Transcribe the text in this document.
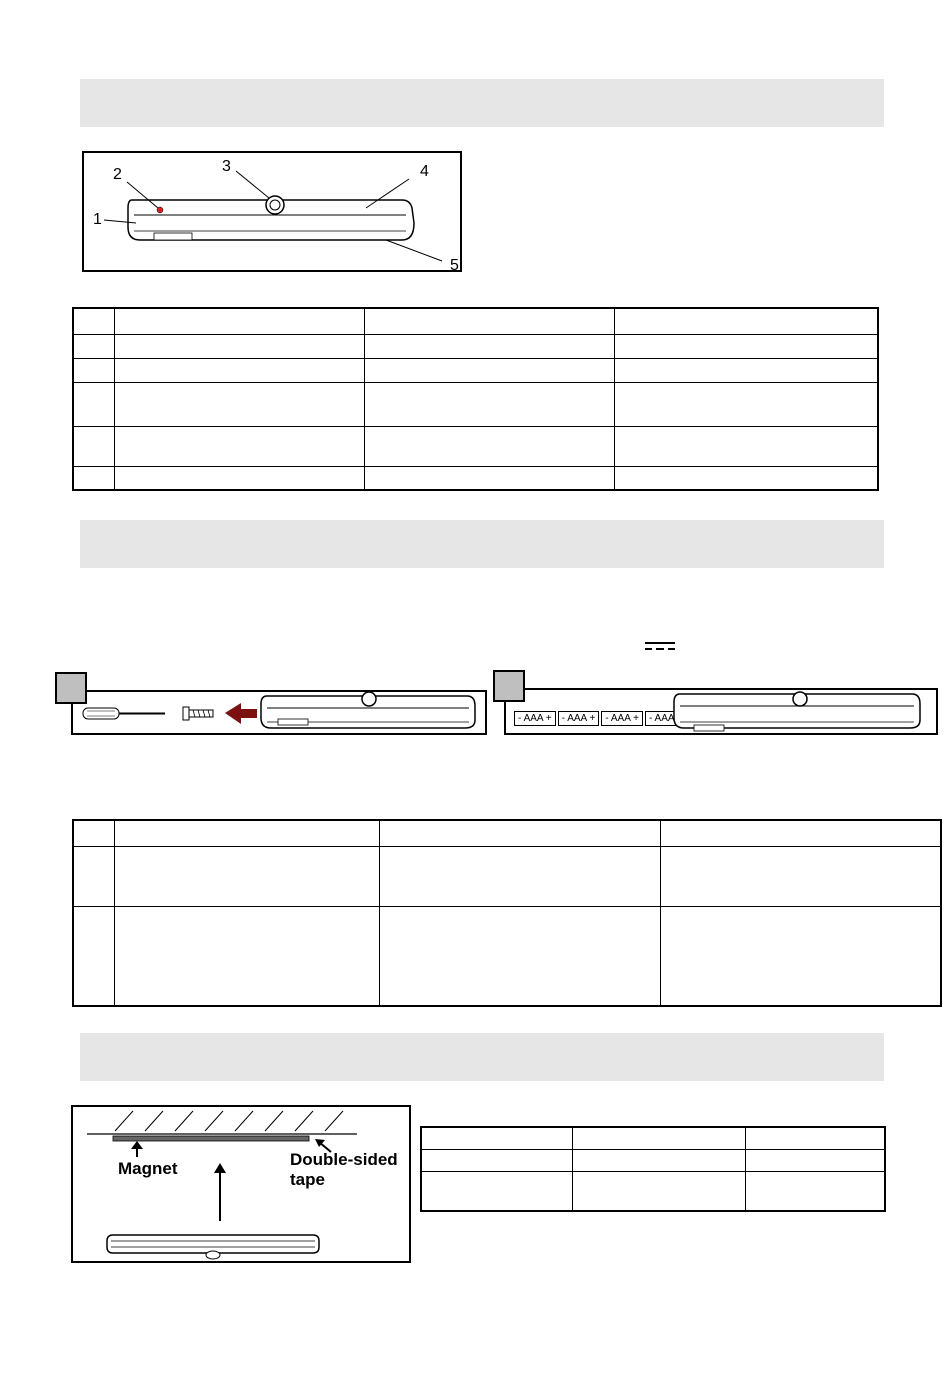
1
2	3	4
5

- AAA +	- AAA +	- AAA +	- AAA

Magnet	Double-sided
tape
